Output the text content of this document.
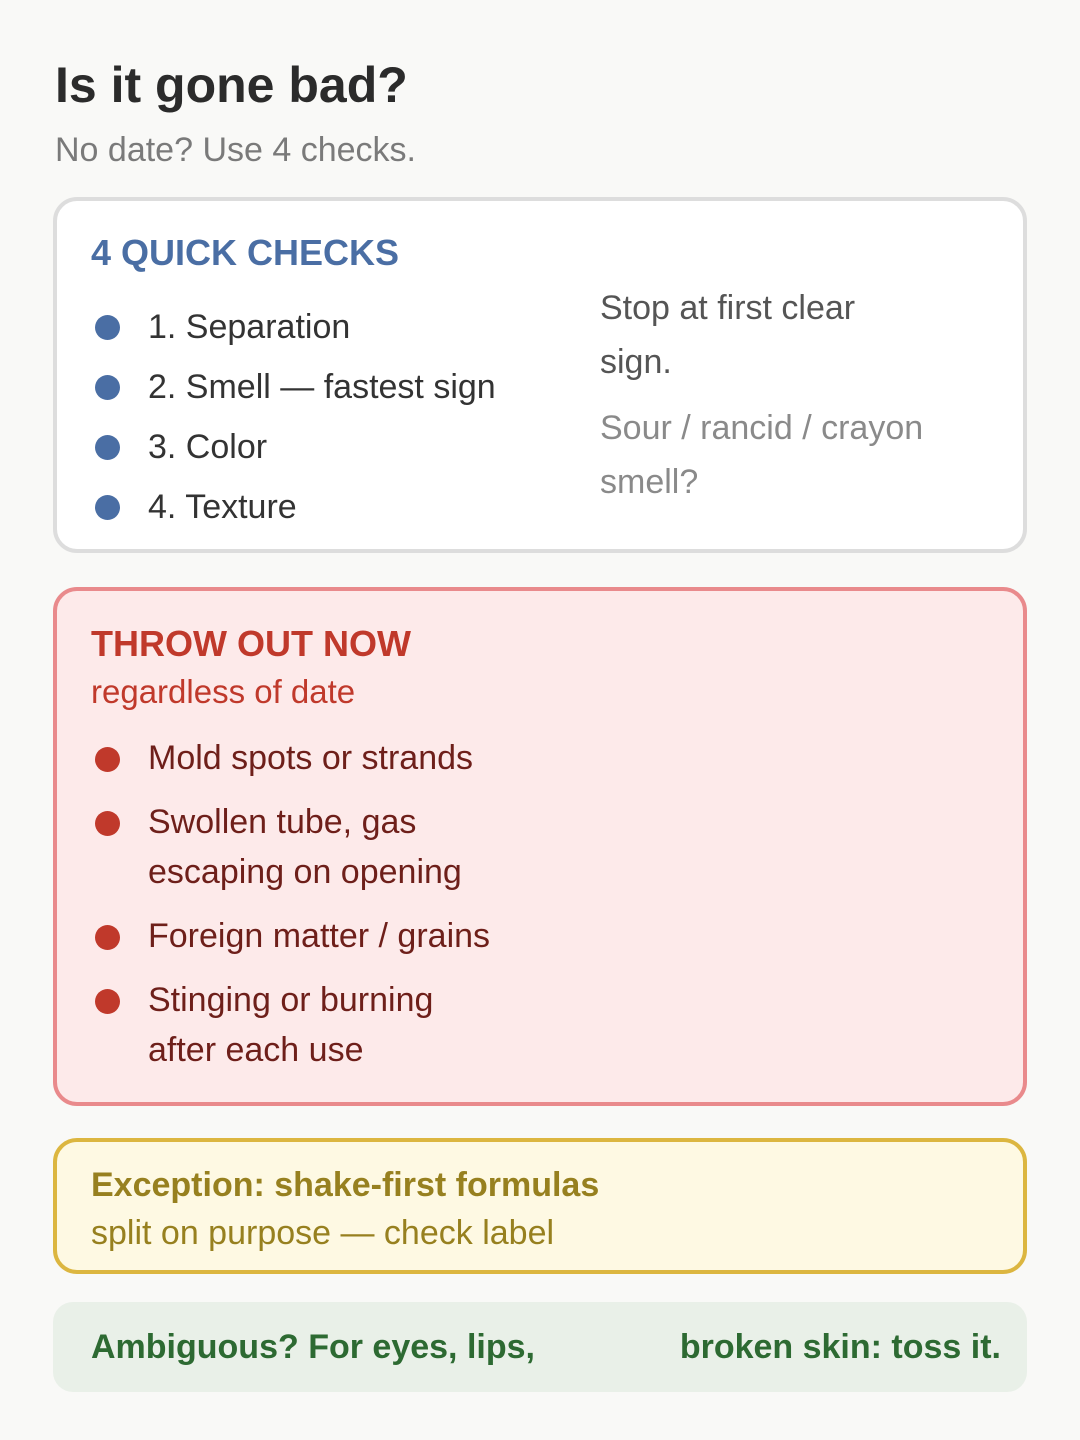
Is it gone bad?
No date? Use 4 checks.
4 QUICK CHECKS
1. Separation
2. Smell — fastest sign
3. Color
4. Texture
Stop at first clear sign.
Sour / rancid / crayon smell?
THROW OUT NOW
regardless of date
Mold spots or strands
Swollen tube, gas escaping on opening
Foreign matter / grains
Stinging or burning after each use
Exception: shake-first formulas
split on purpose — check label
Ambiguous? For eyes, lips,	broken skin: toss it.
